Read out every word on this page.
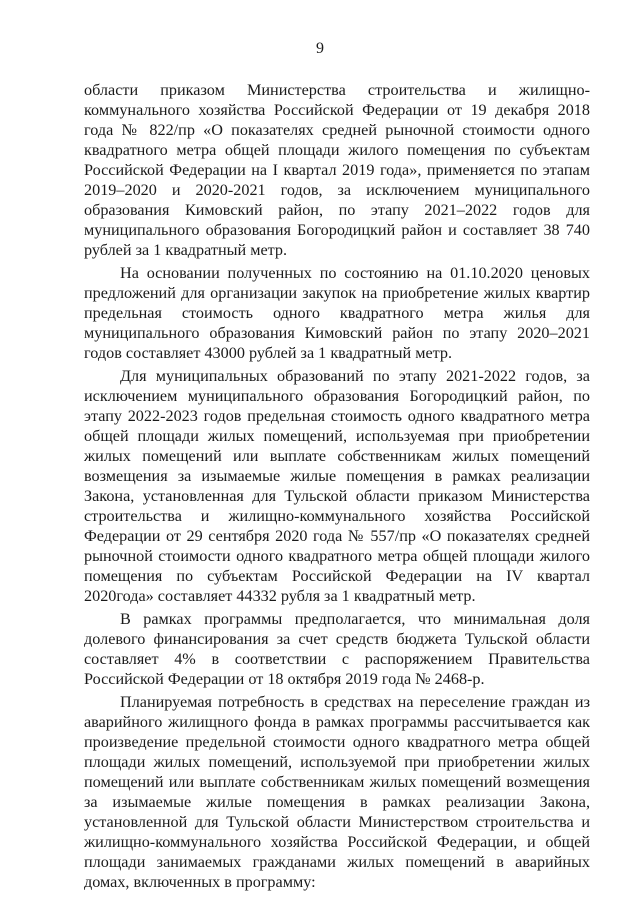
9

области приказом Министерства строительства и жилищно-коммунального хозяйства Российской Федерации от 19 декабря 2018 года № 822/пр «О показателях средней рыночной стоимости одного квадратного метра общей площади жилого помещения по субъектам Российской Федерации на I квартал 2019 года», применяется по этапам 2019–2020 и 2020-2021 годов, за исключением муниципального образования Кимовский район, по этапу 2021–2022 годов для муниципального образования Богородицкий район и составляет 38 740 рублей за 1 квадратный метр.

На основании полученных по состоянию на 01.10.2020 ценовых предложений для организации закупок на приобретение жилых квартир предельная стоимость одного квадратного метра жилья для муниципального образования Кимовский район по этапу 2020–2021 годов составляет 43000 рублей за 1 квадратный метр.

Для муниципальных образований по этапу 2021-2022 годов, за исключением муниципального образования Богородицкий район, по этапу 2022-2023 годов предельная стоимость одного квадратного метра общей площади жилых помещений, используемая при приобретении жилых помещений или выплате собственникам жилых помещений возмещения за изымаемые жилые помещения в рамках реализации Закона, установленная для Тульской области приказом Министерства строительства и жилищно-коммунального хозяйства Российской Федерации от 29 сентября 2020 года № 557/пр «О показателях средней рыночной стоимости одного квадратного метра общей площади жилого помещения по субъектам Российской Федерации на IV квартал 2020года» составляет 44332 рубля за 1 квадратный метр.

В рамках программы предполагается, что минимальная доля долевого финансирования за счет средств бюджета Тульской области составляет 4% в соответствии с распоряжением Правительства Российской Федерации от 18 октября 2019 года № 2468-р.

Планируемая потребность в средствах на переселение граждан из аварийного жилищного фонда в рамках программы рассчитывается как произведение предельной стоимости одного квадратного метра общей площади жилых помещений, используемой при приобретении жилых помещений или выплате собственникам жилых помещений возмещения за изымаемые жилые помещения в рамках реализации Закона, установленной для Тульской области Министерством строительства и жилищно-коммунального хозяйства Российской Федерации, и общей площади занимаемых гражданами жилых помещений в аварийных домах, включенных в программу:
